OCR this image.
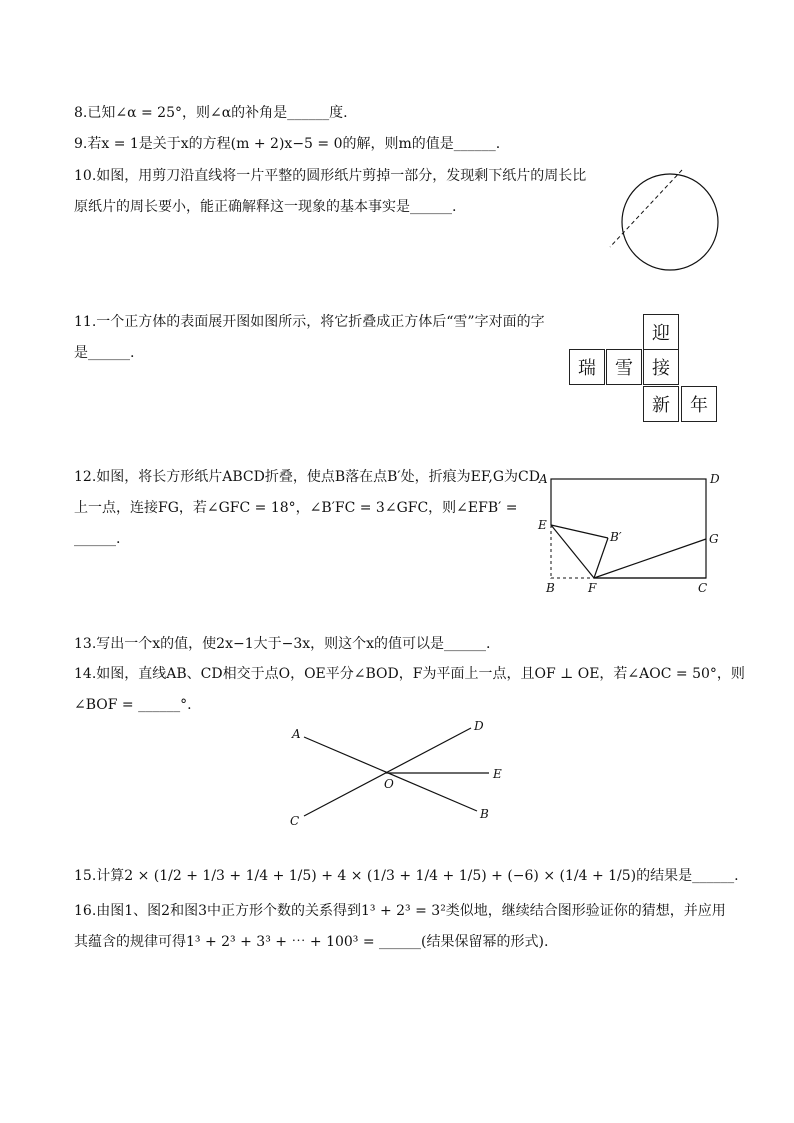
8.已知∠α = 25°，则∠α的补角是______度.
9.若x = 1是关于x的方程(m + 2)x−5 = 0的解，则m的值是______.
10.如图，用剪刀沿直线将一片平整的圆形纸片剪掉一部分，发现剩下纸片的周长比
原纸片的周长要小，能正确解释这一现象的基本事实是______.
11.一个正方体的表面展开图如图所示，将它折叠成正方体后“雪”字对面的字
是______.
迎
瑞	雪	接
新	年
12.如图，将长方形纸片ABCD折叠，使点B落在点B′处，折痕为EF,G为CD
上一点，连接FG，若∠GFC = 18°，∠B′FC = 3∠GFC，则∠EFB′ =
______.
A	D
E
B′	G
B	F	C
13.写出一个x的值，使2x−1大于−3x，则这个x的值可以是______.
14.如图，直线AB、CD相交于点O，OE平分∠BOD，F为平面上一点，且OF ⊥ OE，若∠AOC = 50°，则
∠BOF = ______°.
A
D
E
O
C	B
15.计算2 × (1/2 + 1/3 + 1/4 + 1/5) + 4 × (1/3 + 1/4 + 1/5) + (−6) × (1/4 + 1/5)的结果是______.
16.由图1、图2和图3中正方形个数的关系得到1³ + 2³ = 3²类似地，继续结合图形验证你的猜想，并应用
其蕴含的规律可得1³ + 2³ + 3³ + ⋯ + 100³ = ______(结果保留幂的形式).
